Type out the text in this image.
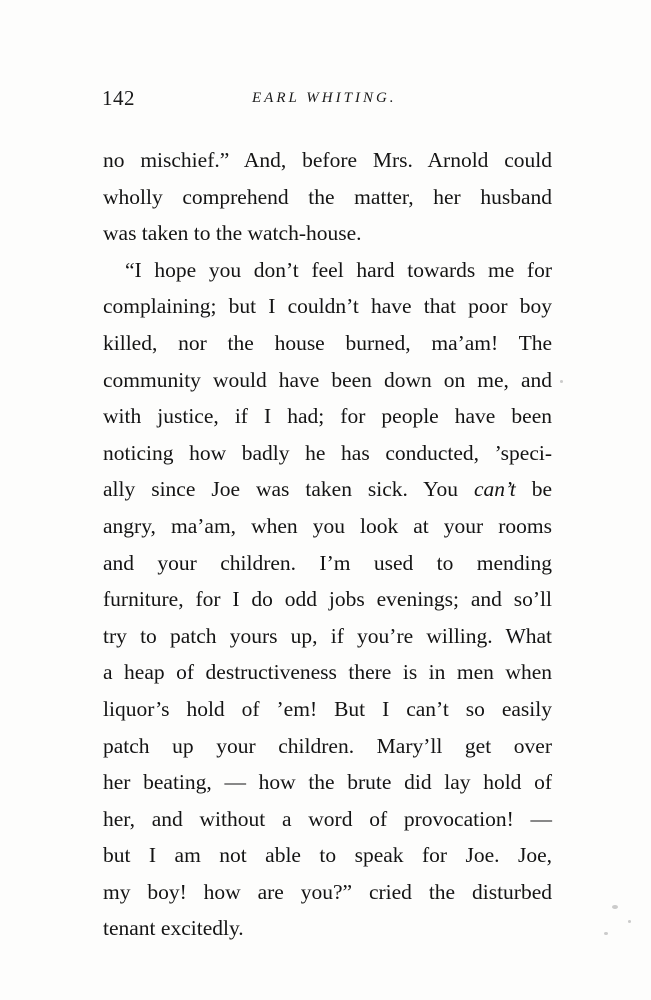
142	EARL WHITING.
no mischief.” And, before Mrs. Arnold could
wholly comprehend the matter, her husband
was taken to the watch-house.
“I hope you don’t feel hard towards me for
complaining; but I couldn’t have that poor boy
killed, nor the house burned, ma’am! The
community would have been down on me, and
with justice, if I had; for people have been
noticing how badly he has conducted, ’speci-
ally since Joe was taken sick. You can’t be
angry, ma’am, when you look at your rooms
and your children. I’m used to mending
furniture, for I do odd jobs evenings; and so’ll
try to patch yours up, if you’re willing. What
a heap of destructiveness there is in men when
liquor’s hold of ’em! But I can’t so easily
patch up your children. Mary’ll get over
her beating, — how the brute did lay hold of
her, and without a word of provocation! —
but I am not able to speak for Joe. Joe,
my boy! how are you?” cried the disturbed
tenant excitedly.
